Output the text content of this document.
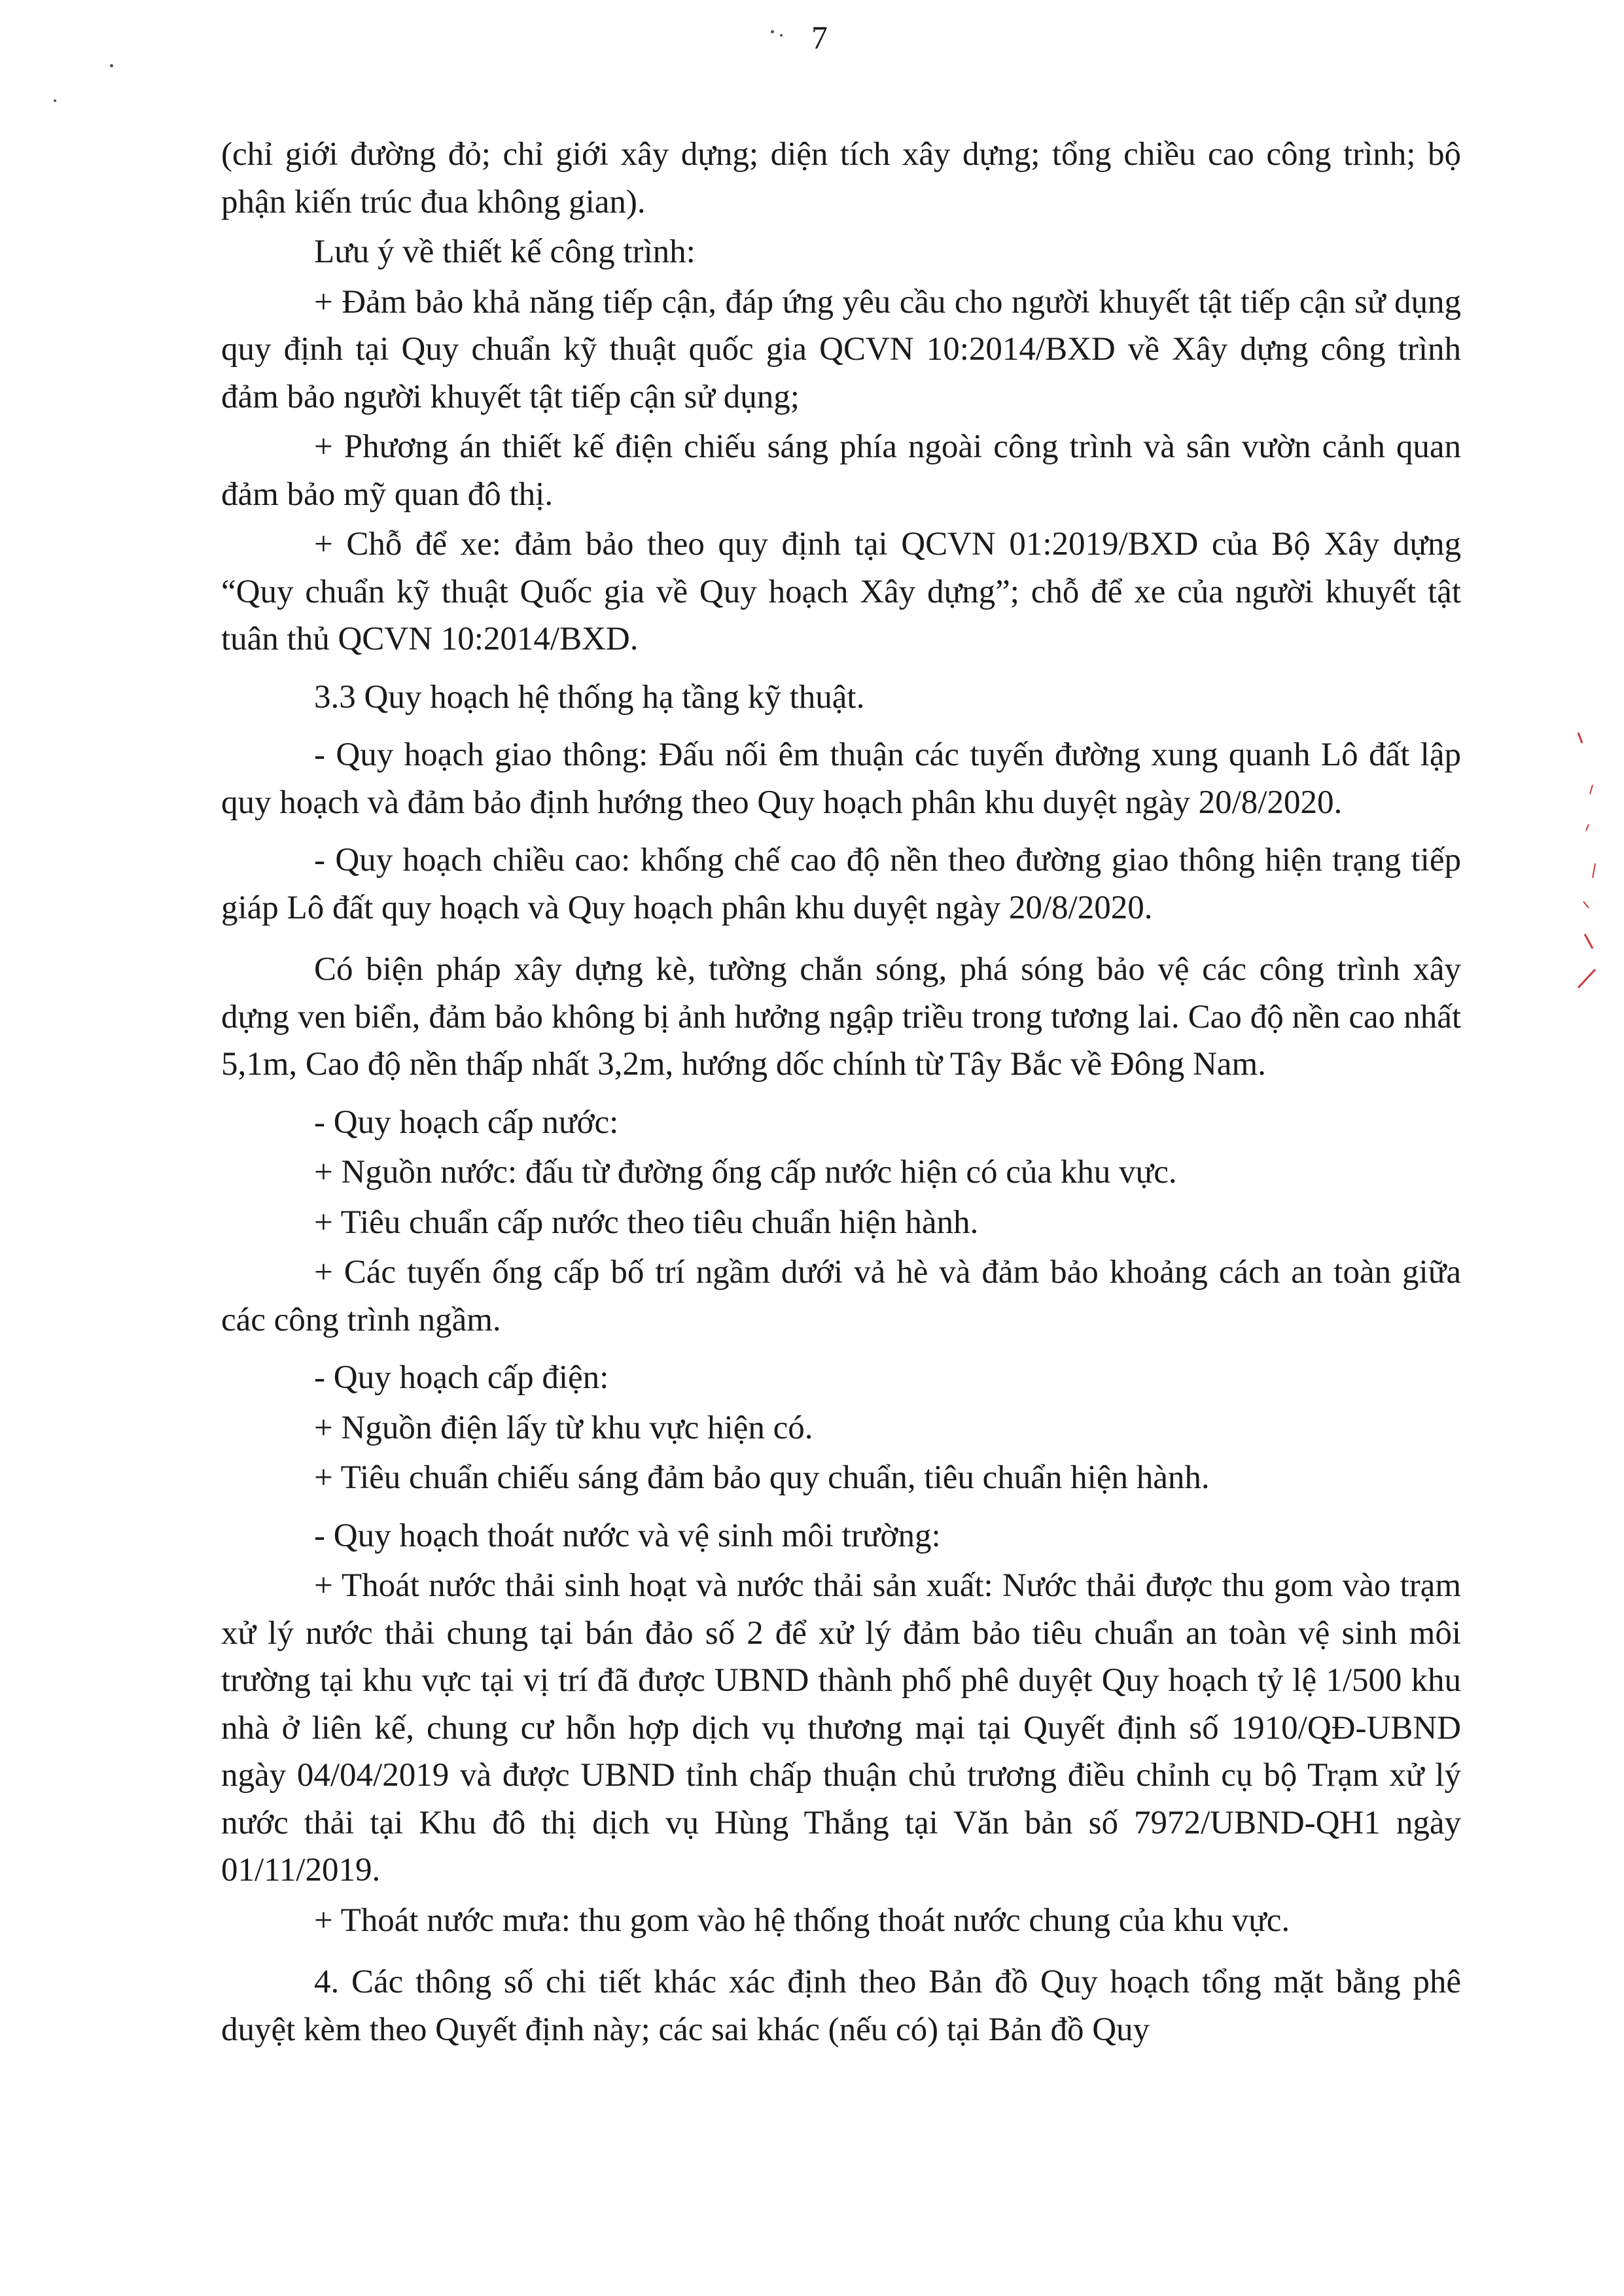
7

(chỉ giới đường đỏ; chỉ giới xây dựng; diện tích xây dựng; tổng chiều cao công trình; bộ phận kiến trúc đua không gian).

Lưu ý về thiết kế công trình:

+ Đảm bảo khả năng tiếp cận, đáp ứng yêu cầu cho người khuyết tật tiếp cận sử dụng quy định tại Quy chuẩn kỹ thuật quốc gia QCVN 10:2014/BXD về Xây dựng công trình đảm bảo người khuyết tật tiếp cận sử dụng;

+ Phương án thiết kế điện chiếu sáng phía ngoài công trình và sân vườn cảnh quan đảm bảo mỹ quan đô thị.

+ Chỗ để xe: đảm bảo theo quy định tại QCVN 01:2019/BXD của Bộ Xây dựng “Quy chuẩn kỹ thuật Quốc gia về Quy hoạch Xây dựng”; chỗ để xe của người khuyết tật tuân thủ QCVN 10:2014/BXD.

3.3 Quy hoạch hệ thống hạ tầng kỹ thuật.

- Quy hoạch giao thông: Đấu nối êm thuận các tuyến đường xung quanh Lô đất lập quy hoạch và đảm bảo định hướng theo Quy hoạch phân khu duyệt ngày 20/8/2020.

- Quy hoạch chiều cao: khống chế cao độ nền theo đường giao thông hiện trạng tiếp giáp Lô đất quy hoạch và Quy hoạch phân khu duyệt ngày 20/8/2020.

Có biện pháp xây dựng kè, tường chắn sóng, phá sóng bảo vệ các công trình xây dựng ven biển, đảm bảo không bị ảnh hưởng ngập triều trong tương lai. Cao độ nền cao nhất 5,1m, Cao độ nền thấp nhất 3,2m, hướng dốc chính từ Tây Bắc về Đông Nam.

- Quy hoạch cấp nước:

+ Nguồn nước: đấu từ đường ống cấp nước hiện có của khu vực.

+ Tiêu chuẩn cấp nước theo tiêu chuẩn hiện hành.

+ Các tuyến ống cấp bố trí ngầm dưới vả hè và đảm bảo khoảng cách an toàn giữa các công trình ngầm.

- Quy hoạch cấp điện:

+ Nguồn điện lấy từ khu vực hiện có.

+ Tiêu chuẩn chiếu sáng đảm bảo quy chuẩn, tiêu chuẩn hiện hành.

- Quy hoạch thoát nước và vệ sinh môi trường:

+ Thoát nước thải sinh hoạt và nước thải sản xuất: Nước thải được thu gom vào trạm xử lý nước thải chung tại bán đảo số 2 để xử lý đảm bảo tiêu chuẩn an toàn vệ sinh môi trường tại khu vực tại vị trí đã được UBND thành phố phê duyệt Quy hoạch tỷ lệ 1/500 khu nhà ở liên kế, chung cư hỗn hợp dịch vụ thương mại tại Quyết định số 1910/QĐ-UBND ngày 04/04/2019 và được UBND tỉnh chấp thuận chủ trương điều chỉnh cụ bộ Trạm xử lý nước thải tại Khu đô thị dịch vụ Hùng Thắng tại Văn bản số 7972/UBND-QH1 ngày 01/11/2019.

+ Thoát nước mưa: thu gom vào hệ thống thoát nước chung của khu vực.

4. Các thông số chi tiết khác xác định theo Bản đồ Quy hoạch tổng mặt bằng phê duyệt kèm theo Quyết định này; các sai khác (nếu có) tại Bản đồ Quy
